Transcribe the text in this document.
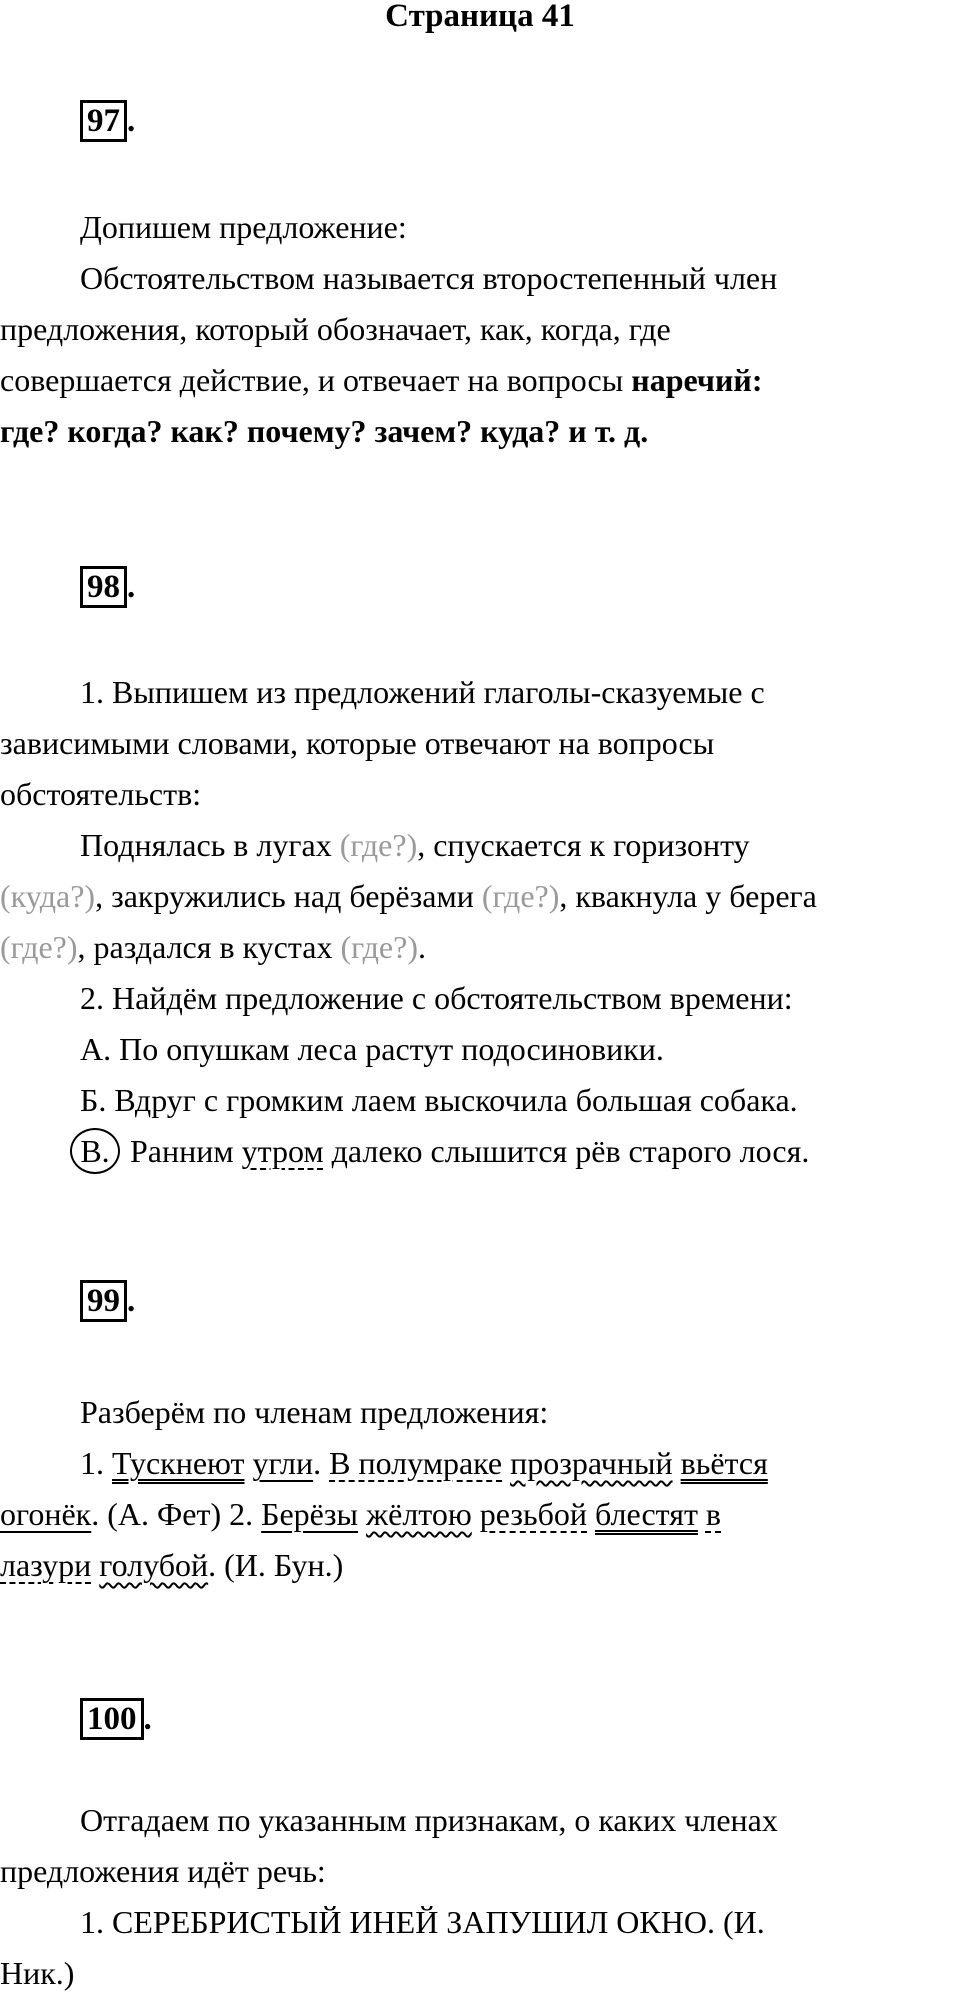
Страница 41
97 .

Допишем предложение:

Обстоятельством называется второстепенный член

предложения, который обозначает, как, когда, где

совершается действие, и отвечает на вопросы наречий:

где? когда? как? почему? зачем? куда? и т. д.

98 .

1. Выпишем из предложений глаголы-сказуемые с

зависимыми словами, которые отвечают на вопросы

обстоятельств:

Поднялась в лугах (где?), спускается к горизонту

(куда?), закружились над берёзами (где?), квакнула у берега

(где?), раздался в кустах (где?).

2. Найдём предложение с обстоятельством времени:

А. По опушкам леса растут подосиновики.

Б. Вдруг с громким лаем выскочила большая собака.

В. Ранним утром далеко слышится рёв старого лося.

99 .

Разберём по членам предложения:

1. Тускнеют угли. В полумраке прозрачный вьётся

огонёк. (А. Фет) 2. Берёзы жёлтою резьбой блестят в

лазури голубой. (И. Бун.)

100 .

Отгадаем по указанным признакам, о каких членах

предложения идёт речь:

1. СЕРЕБРИСТЫЙ ИНЕЙ ЗАПУШИЛ ОКНО. (И.

Ник.)
